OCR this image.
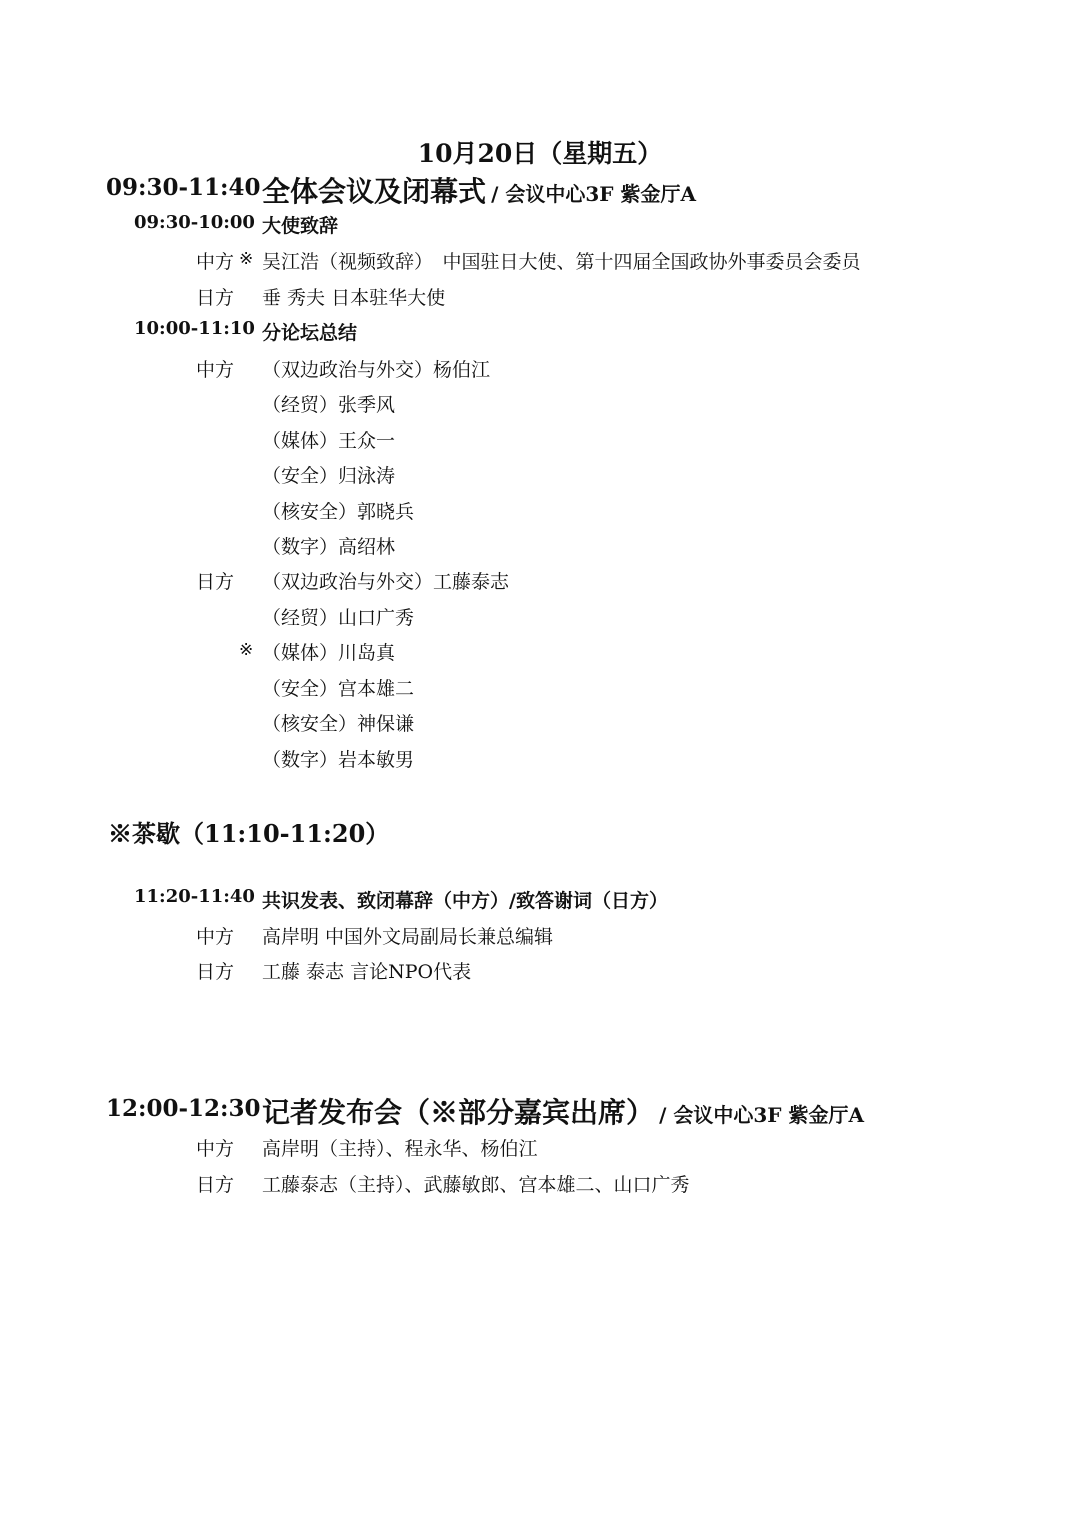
10月20日（星期五）
09:30-11:40 全体会议及闭幕式 / 会议中心3F 紫金厅A
09:30-10:00 大使致辞
中方 ※ 吴江浩（视频致辞）　中国驻日大使、第十四届全国政协外事委员会委员
日方 垂 秀夫 日本驻华大使
10:00-11:10 分论坛总结
中方 （双边政治与外交）杨伯江
（经贸）张季风
（媒体）王众一
（安全）归泳涛
（核安全）郭晓兵
（数字）高绍林
日方 （双边政治与外交）工藤泰志
（经贸）山口广秀
※ （媒体）川岛真
（安全）宫本雄二
（核安全）神保谦
（数字）岩本敏男
※茶歇（11:10-11:20）
11:20-11:40 共识发表、致闭幕辞（中方）/致答谢词（日方）
中方 高岸明 中国外文局副局长兼总编辑
日方 工藤 泰志 言论NPO代表
12:00-12:30 记者发布会（※部分嘉宾出席） / 会议中心3F 紫金厅A
中方 高岸明（主持）、程永华、杨伯江
日方 工藤泰志（主持）、武藤敏郎、宫本雄二、山口广秀
